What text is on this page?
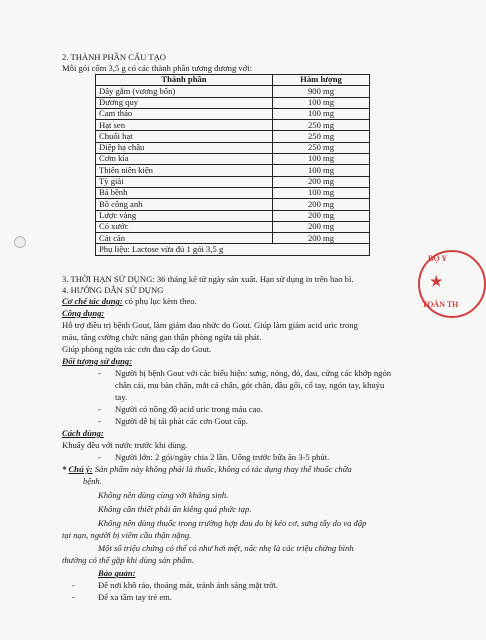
2. THÀNH PHẦN CẤU TẠO
Mỗi gói cốm 3,5 g có các thành phần tương đương với:
Thành phần	Hàm lượng
Dây gắm (vương bốn)	900 mg
Đương quy	100 mg
Cam thảo	100 mg
Hạt sen	250 mg
Chuối hạt	250 mg
Diệp hạ châu	250 mg
Cơm kìa	100 mg
Thiên niên kiện	100 mg
Tỳ giải	200 mg
Bá bệnh	100 mg
Bồ công anh	200 mg
Lược vàng	200 mg
Cỏ xước	200 mg
Cát căn	200 mg
Phụ liệu: Lactose vừa đủ 1 gói 3,5 g	
BỘ Y
★
TOÀN TH
3. THỜI HẠN SỬ DỤNG: 36 tháng kể từ ngày sản xuất. Hạn sử dụng in trên bao bì.
4. HƯỚNG DẪN SỬ DỤNG
Cơ chế tác dụng: có phụ lục kèm theo.
Công dụng:
Hỗ trợ điều trị bệnh Gout, làm giảm đau nhức do Gout. Giúp làm giảm acid uric trong
máu, tăng cường chức năng gan thận phòng ngừa tái phát.
Giúp phòng ngừa các cơn đau cấp do Gout.
Đối tượng sử dụng:
- Người bị bệnh Gout với các biểu hiện: sưng, nóng, đỏ, đau, cứng các khớp ngón
chân cái, mu bàn chân, mắt cá chân, gót chân, đầu gối, cổ tay, ngón tay, khuỷu
tay.
- Người có nồng độ acid uric trong máu cao.
- Người dễ bị tái phát các cơn Gout cấp.
Cách dùng:
Khuấy đều với nước trước khi dùng.
- Người lớn: 2 gói/ngày chia 2 lần. Uống trước bữa ăn 3-5 phút.
* Chú ý: Sản phẩm này không phải là thuốc, không có tác dụng thay thế thuốc chữa
bệnh.
Không nên dùng cùng với kháng sinh.
Không cần thiết phải ăn kiêng quá phức tạp.
Không nên dùng thuốc trong trường hợp đau do bị kéo cơ, sưng tấy do va đập
tại nạn, người bị viêm cầu thận nặng.
Một số triệu chứng có thể có như hơi mệt, nấc nhẹ là các triệu chứng bình
thường có thể gặp khi dùng sản phẩm.
Bảo quản:
-	Để nơi khô ráo, thoáng mát, tránh ánh sáng mặt trời.
-	Để xa tầm tay trẻ em.
